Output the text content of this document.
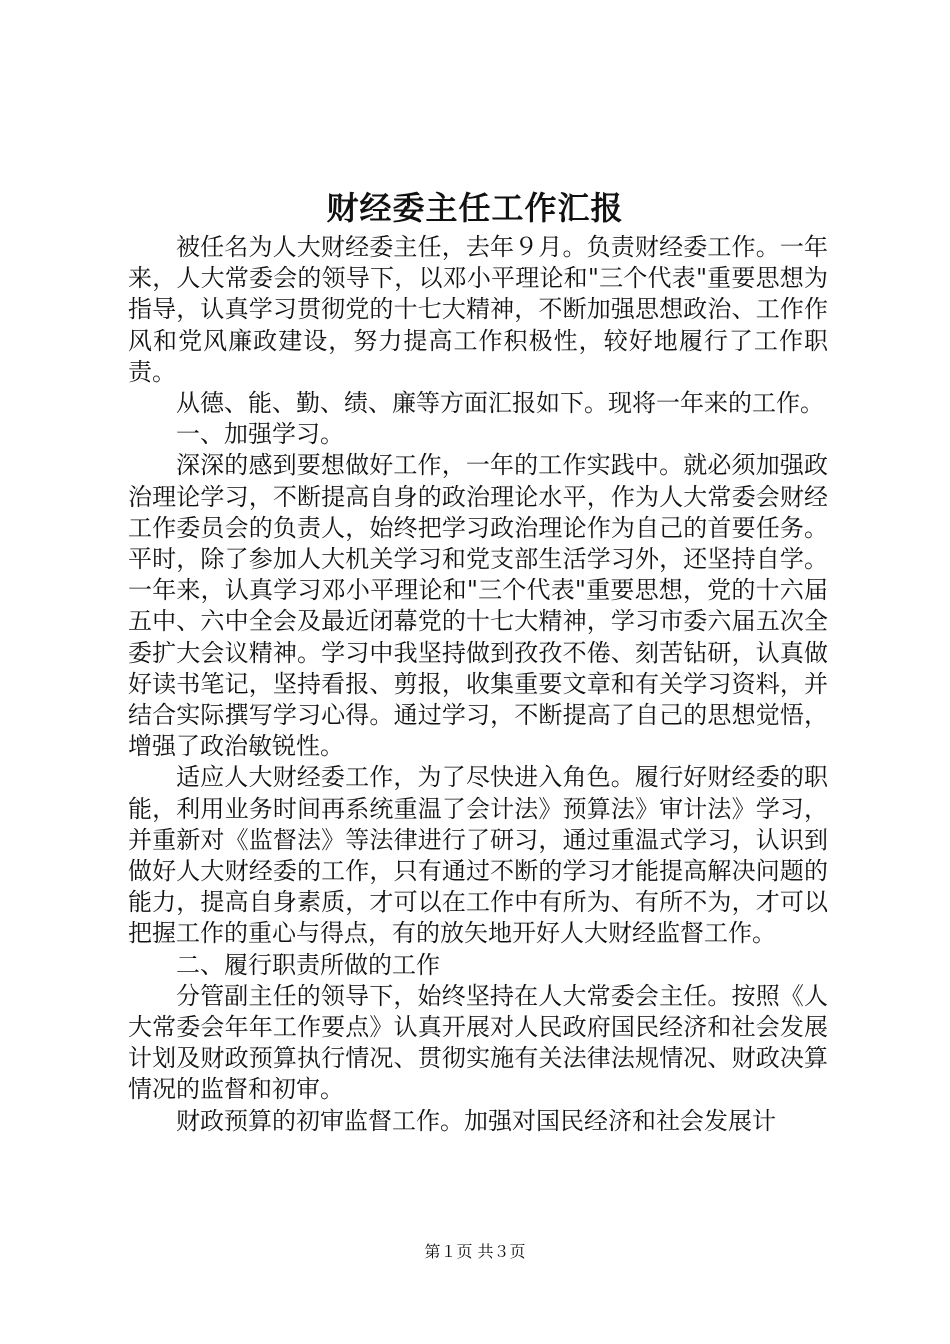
财经委主任工作汇报

被任名为人大财经委主任，去年９月。负责财经委工作。一年来，人大常委会的领导下，以邓小平理论和"三个代表"重要思想为指导，认真学习贯彻党的十七大精神，不断加强思想政治、工作作风和党风廉政建设，努力提高工作积极性，较好地履行了工作职责。

从德、能、勤、绩、廉等方面汇报如下。现将一年来的工作。

一、加强学习。

深深的感到要想做好工作，一年的工作实践中。就必须加强政治理论学习，不断提高自身的政治理论水平，作为人大常委会财经工作委员会的负责人，始终把学习政治理论作为自己的首要任务。平时，除了参加人大机关学习和党支部生活学习外，还坚持自学。一年来，认真学习邓小平理论和"三个代表"重要思想，党的十六届五中、六中全会及最近闭幕党的十七大精神，学习市委六届五次全委扩大会议精神。学习中我坚持做到孜孜不倦、刻苦钻研，认真做好读书笔记，坚持看报、剪报，收集重要文章和有关学习资料，并结合实际撰写学习心得。通过学习，不断提高了自己的思想觉悟，增强了政治敏锐性。

适应人大财经委工作，为了尽快进入角色。履行好财经委的职能，利用业务时间再系统重温了会计法》预算法》审计法》学习，并重新对《监督法》等法律进行了研习，通过重温式学习，认识到做好人大财经委的工作，只有通过不断的学习才能提高解决问题的能力，提高自身素质，才可以在工作中有所为、有所不为，才可以把握工作的重心与得点，有的放矢地开好人大财经监督工作。

二、履行职责所做的工作

分管副主任的领导下，始终坚持在人大常委会主任。按照《人大常委会年年工作要点》认真开展对人民政府国民经济和社会发展计划及财政预算执行情况、贯彻实施有关法律法规情况、财政决算情况的监督和初审。

财政预算的初审监督工作。加强对国民经济和社会发展计

第１页 共３页
